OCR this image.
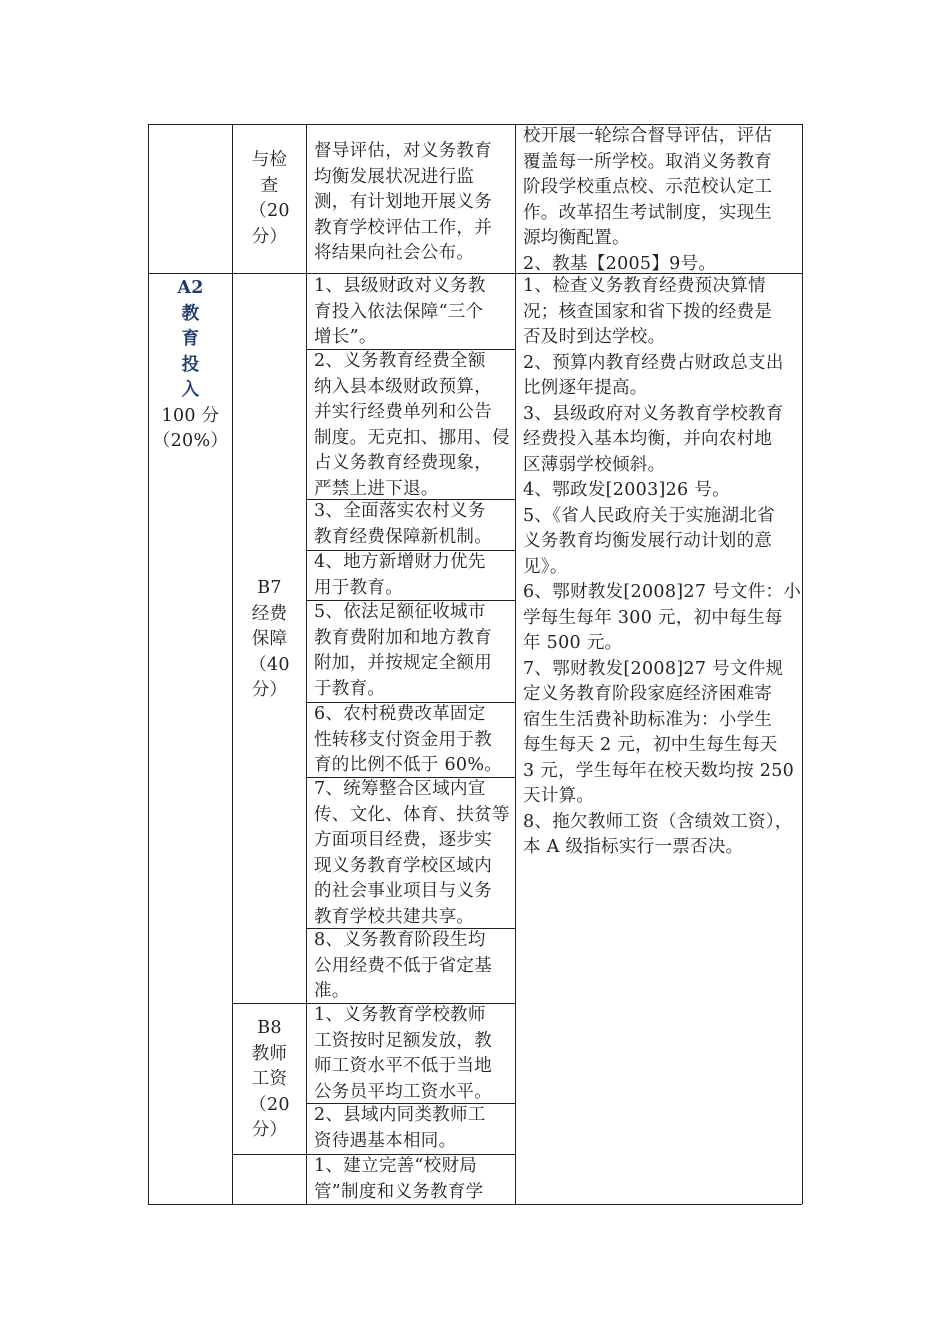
与检
查
（20
分）
督导评估，对义务教育
均衡发展状况进行监
测，有计划地开展义务
教育学校评估工作，并
将结果向社会公布。
校开展一轮综合督导评估，评估
覆盖每一所学校。取消义务教育
阶段学校重点校、示范校认定工
作。改革招生考试制度，实现生
源均衡配置。
2、教基【2005】9号。
A2
教
育
投
入
100 分
（20%）
B7
经费
保障
（40
分）
1、县级财政对义务教
育投入依法保障“三个
增长”。
2、义务教育经费全额
纳入县本级财政预算，
并实行经费单列和公告
制度。无克扣、挪用、侵
占义务教育经费现象，
严禁上进下退。
3、全面落实农村义务
教育经费保障新机制。
4、地方新增财力优先
用于教育。
5、依法足额征收城市
教育费附加和地方教育
附加，并按规定全额用
于教育。
6、农村税费改革固定
性转移支付资金用于教
育的比例不低于 60%。
7、统筹整合区域内宣
传、文化、体育、扶贫等
方面项目经费，逐步实
现义务教育学校区域内
的社会事业项目与义务
教育学校共建共享。
8、义务教育阶段生均
公用经费不低于省定基
准。
1、检查义务教育经费预决算情
况；核查国家和省下拨的经费是
否及时到达学校。
2、预算内教育经费占财政总支出
比例逐年提高。
3、县级政府对义务教育学校教育
经费投入基本均衡，并向农村地
区薄弱学校倾斜。
4、鄂政发[2003]26 号。
5、《省人民政府关于实施湖北省
义务教育均衡发展行动计划的意
见》。
6、鄂财教发[2008]27 号文件：小
学每生每年 300 元，初中每生每
年 500 元。
7、鄂财教发[2008]27 号文件规
定义务教育阶段家庭经济困难寄
宿生生活费补助标准为：小学生
每生每天 2 元，初中生每生每天
3 元，学生每年在校天数均按 250
天计算。
8、拖欠教师工资（含绩效工资），
本 A 级指标实行一票否决。
B8
教师
工资
（20
分）
1、义务教育学校教师
工资按时足额发放，教
师工资水平不低于当地
公务员平均工资水平。
2、县域内同类教师工
资待遇基本相同。
1、建立完善“校财局
管”制度和义务教育学
